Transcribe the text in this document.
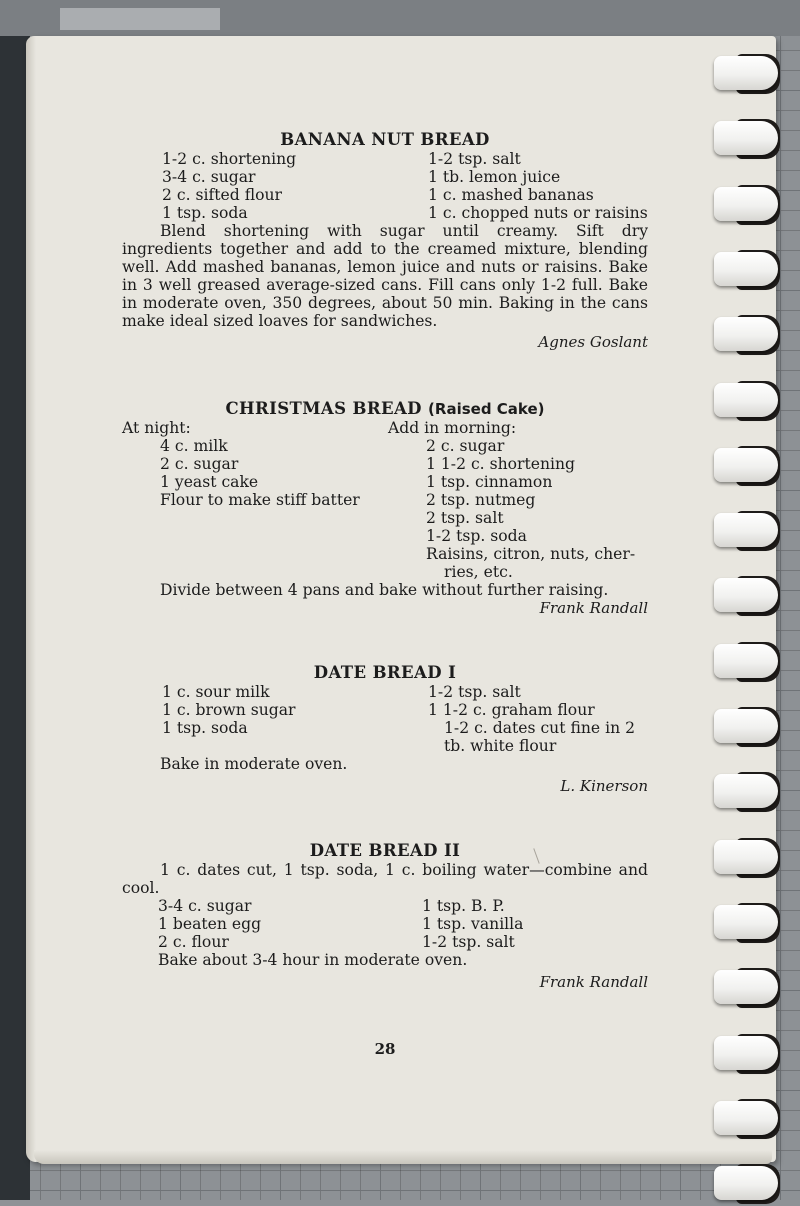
BANANA NUT BREAD
1-2 c. shortening
3-4 c. sugar
2 c. sifted flour
1 tsp. soda
1-2 tsp. salt
1 tb. lemon juice
1 c. mashed bananas
1 c. chopped nuts or raisins

Blend shortening with sugar until creamy. Sift dry ingredients together and add to the creamed mixture, blending well. Add mashed bananas, lemon juice and nuts or raisins. Bake in 3 well greased average-sized cans. Fill cans only 1-2 full. Bake in moderate oven, 350 degrees, about 50 min. Baking in the cans make ideal sized loaves for sandwiches.

Agnes Goslant

CHRISTMAS BREAD (Raised Cake)
At night:
4 c. milk
2 c. sugar
1 yeast cake
Flour to make stiff batter
Add in morning:
2 c. sugar
1 1-2 c. shortening
1 tsp. cinnamon
2 tsp. nutmeg
2 tsp. salt
1-2 tsp. soda
Raisins, citron, nuts, cher-
ries, etc.

Divide between 4 pans and bake without further raising.

Frank Randall

DATE BREAD I
1 c. sour milk
1 c. brown sugar
1 tsp. soda
1-2 tsp. salt
1 1-2 c. graham flour
1-2 c. dates cut fine in 2
tb. white flour

Bake in moderate oven.

L. Kinerson

DATE BREAD II

1 c. dates cut, 1 tsp. soda, 1 c. boiling water—combine and cool.

3-4 c. sugar
1 beaten egg
2 c. flour
1 tsp. B. P.
1 tsp. vanilla
1-2 tsp. salt

Bake about 3-4 hour in moderate oven.

Frank Randall

28
